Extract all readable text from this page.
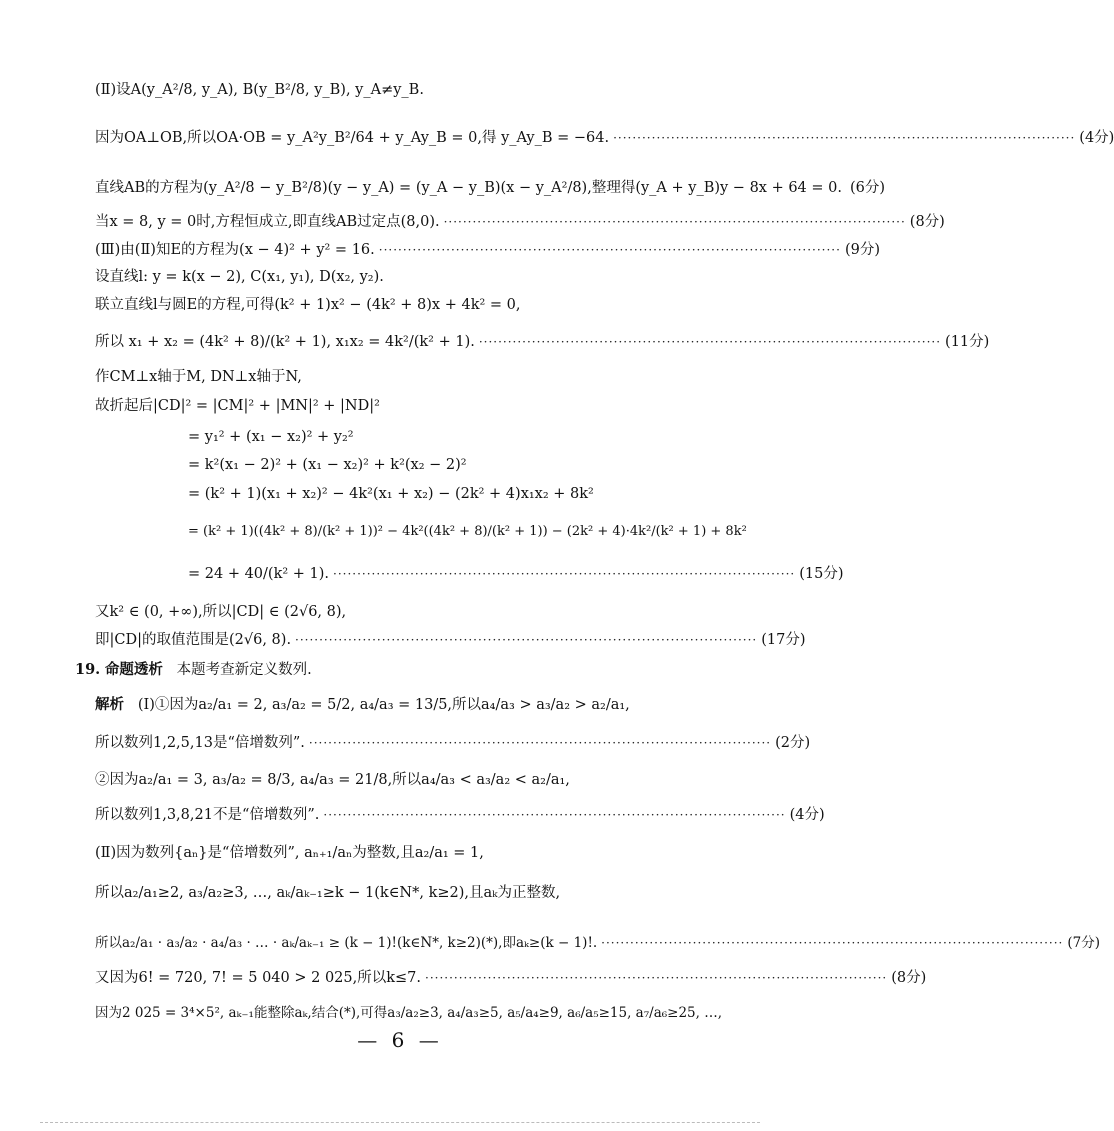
(Ⅱ)设A(y_A²/8, y_A), B(y_B²/8, y_B), y_A≠y_B.
因为OA⊥OB,所以OA·OB = y_A²y_B²/64 + y_Ay_B = 0,得 y_Ay_B = −64. ································································································ (4分)
直线AB的方程为(y_A²/8 − y_B²/8)(y − y_A) = (y_A − y_B)(x − y_A²/8),整理得(y_A + y_B)y − 8x + 64 = 0. (6分)
当x = 8, y = 0时,方程恒成立,即直线AB过定点(8,0). ································································································ (8分)
(Ⅲ)由(Ⅱ)知E的方程为(x − 4)² + y² = 16. ································································································ (9分)
设直线l: y = k(x − 2), C(x₁, y₁), D(x₂, y₂).
联立直线l与圆E的方程,可得(k² + 1)x² − (4k² + 8)x + 4k² = 0,
所以 x₁ + x₂ = (4k² + 8)/(k² + 1), x₁x₂ = 4k²/(k² + 1). ································································································ (11分)
作CM⊥x轴于M, DN⊥x轴于N,
故折起后|CD|² = |CM|² + |MN|² + |ND|²
= y₁² + (x₁ − x₂)² + y₂²
= k²(x₁ − 2)² + (x₁ − x₂)² + k²(x₂ − 2)²
= (k² + 1)(x₁ + x₂)² − 4k²(x₁ + x₂) − (2k² + 4)x₁x₂ + 8k²
= (k² + 1)((4k² + 8)/(k² + 1))² − 4k²((4k² + 8)/(k² + 1)) − (2k² + 4)·4k²/(k² + 1) + 8k²
= 24 + 40/(k² + 1). ································································································ (15分)
又k² ∈ (0, +∞),所以|CD| ∈ (2√6, 8),
即|CD|的取值范围是(2√6, 8). ································································································ (17分)
19. 命题透析 本题考查新定义数列.
解析 (Ⅰ)①因为a₂/a₁ = 2, a₃/a₂ = 5/2, a₄/a₃ = 13/5,所以a₄/a₃ > a₃/a₂ > a₂/a₁,
所以数列1,2,5,13是“倍增数列”. ································································································ (2分)
②因为a₂/a₁ = 3, a₃/a₂ = 8/3, a₄/a₃ = 21/8,所以a₄/a₃ < a₃/a₂ < a₂/a₁,
所以数列1,3,8,21不是“倍增数列”. ································································································ (4分)
(Ⅱ)因为数列{aₙ}是“倍增数列”, aₙ₊₁/aₙ为整数,且a₂/a₁ = 1,
所以a₂/a₁≥2, a₃/a₂≥3, …, aₖ/aₖ₋₁≥k − 1(k∈N*, k≥2),且aₖ为正整数,
所以a₂/a₁ · a₃/a₂ · a₄/a₃ · … · aₖ/aₖ₋₁ ≥ (k − 1)!(k∈N*, k≥2)(*),即aₖ≥(k − 1)!. ································································································ (7分)
又因为6! = 720, 7! = 5 040 > 2 025,所以k≤7. ································································································ (8分)
因为2 025 = 3⁴×5², aₖ₋₁能整除aₖ,结合(*),可得a₃/a₂≥3, a₄/a₃≥5, a₅/a₄≥9, a₆/a₅≥15, a₇/a₆≥25, …,
— 6 —
